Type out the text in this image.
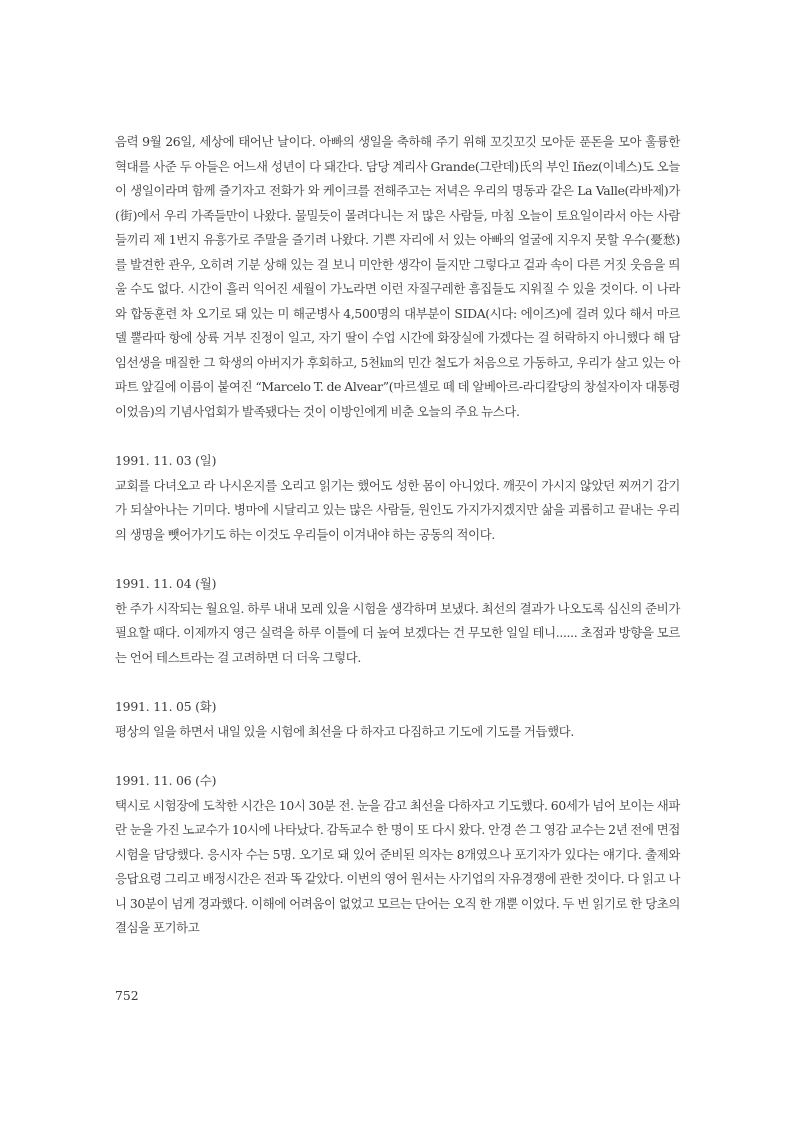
음력 9월 26일, 세상에 태어난 날이다. 아빠의 생일을 축하해 주기 위해 꼬깃꼬깃 모아둔 푼돈을 모아 훌륭한 혁대를 사준 두 아들은 어느새 성년이 다 돼간다. 담당 계리사 Grande(그란데)氏의 부인 Iñez(이녜스)도 오늘이 생일이라며 함께 즐기자고 전화가 와 케이크를 전해주고는 저녁은 우리의 명동과 같은 La Valle(라바제)가(街)에서 우리 가족들만이 나왔다. 물밀듯이 몰려다니는 저 많은 사람들, 마침 오늘이 토요일이라서 아는 사람들끼리 제 1번지 유흥가로 주말을 즐기려 나왔다. 기쁜 자리에 서 있는 아빠의 얼굴에 지우지 못할 우수(憂愁)를 발견한 관우, 오히려 기분 상해 있는 걸 보니 미안한 생각이 들지만 그렇다고 겉과 속이 다른 거짓 웃음을 띄울 수도 없다. 시간이 흘러 익어진 세월이 가노라면 이런 자질구레한 흠집들도 지워질 수 있을 것이다. 이 나라와 합동훈련 차 오기로 돼 있는 미 해군병사 4,500명의 대부분이 SIDA(시다: 에이즈)에 걸려 있다 해서 마르 델 뿔라따 항에 상륙 거부 진정이 일고, 자기 딸이 수업 시간에 화장실에 가겠다는 걸 허락하지 아니했다 해 담임선생을 매질한 그 학생의 아버지가 후회하고, 5천㎞의 민간 철도가 처음으로 가동하고, 우리가 살고 있는 아파트 앞길에 이름이 붙여진 “Marcelo T. de Alvear”(마르셀로 떼 데 알베아르-라디칼당의 창설자이자 대통령이었음)의 기념사업회가 발족됐다는 것이 이방인에게 비춘 오늘의 주요 뉴스다.

1991. 11. 03 (일)

교회를 다녀오고 라 나시온지를 오리고 읽기는 했어도 성한 몸이 아니었다. 깨끗이 가시지 않았던 찌꺼기 감기가 되살아나는 기미다. 병마에 시달리고 있는 많은 사람들, 원인도 가지가지겠지만 삶을 괴롭히고 끝내는 우리의 생명을 뺏어가기도 하는 이것도 우리들이 이겨내야 하는 공동의 적이다.

1991. 11. 04 (월)

한 주가 시작되는 월요일. 하루 내내 모레 있을 시험을 생각하며 보냈다. 최선의 결과가 나오도록 심신의 준비가 필요할 때다. 이제까지 영근 실력을 하루 이틀에 더 높여 보겠다는 건 무모한 일일 테니...... 초점과 방향을 모르는 언어 테스트라는 걸 고려하면 더 더욱 그렇다.

1991. 11. 05 (화)

평상의 일을 하면서 내일 있을 시험에 최선을 다 하자고 다짐하고 기도에 기도를 거듭했다.

1991. 11. 06 (수)

택시로 시험장에 도착한 시간은 10시 30분 전. 눈을 감고 최선을 다하자고 기도했다. 60세가 넘어 보이는 새파란 눈을 가진 노교수가 10시에 나타났다. 감독교수 한 명이 또 다시 왔다. 안경 쓴 그 영감 교수는 2년 전에 면접시험을 담당했다. 응시자 수는 5명. 오기로 돼 있어 준비된 의자는 8개였으나 포기자가 있다는 얘기다. 출제와 응답요령 그리고 배정시간은 전과 똑 같았다. 이번의 영어 원서는 사기업의 자유경쟁에 관한 것이다. 다 읽고 나니 30분이 넘게 경과했다. 이해에 어려움이 없었고 모르는 단어는 오직 한 개뿐 이었다. 두 번 읽기로 한 당초의 결심을 포기하고

752
